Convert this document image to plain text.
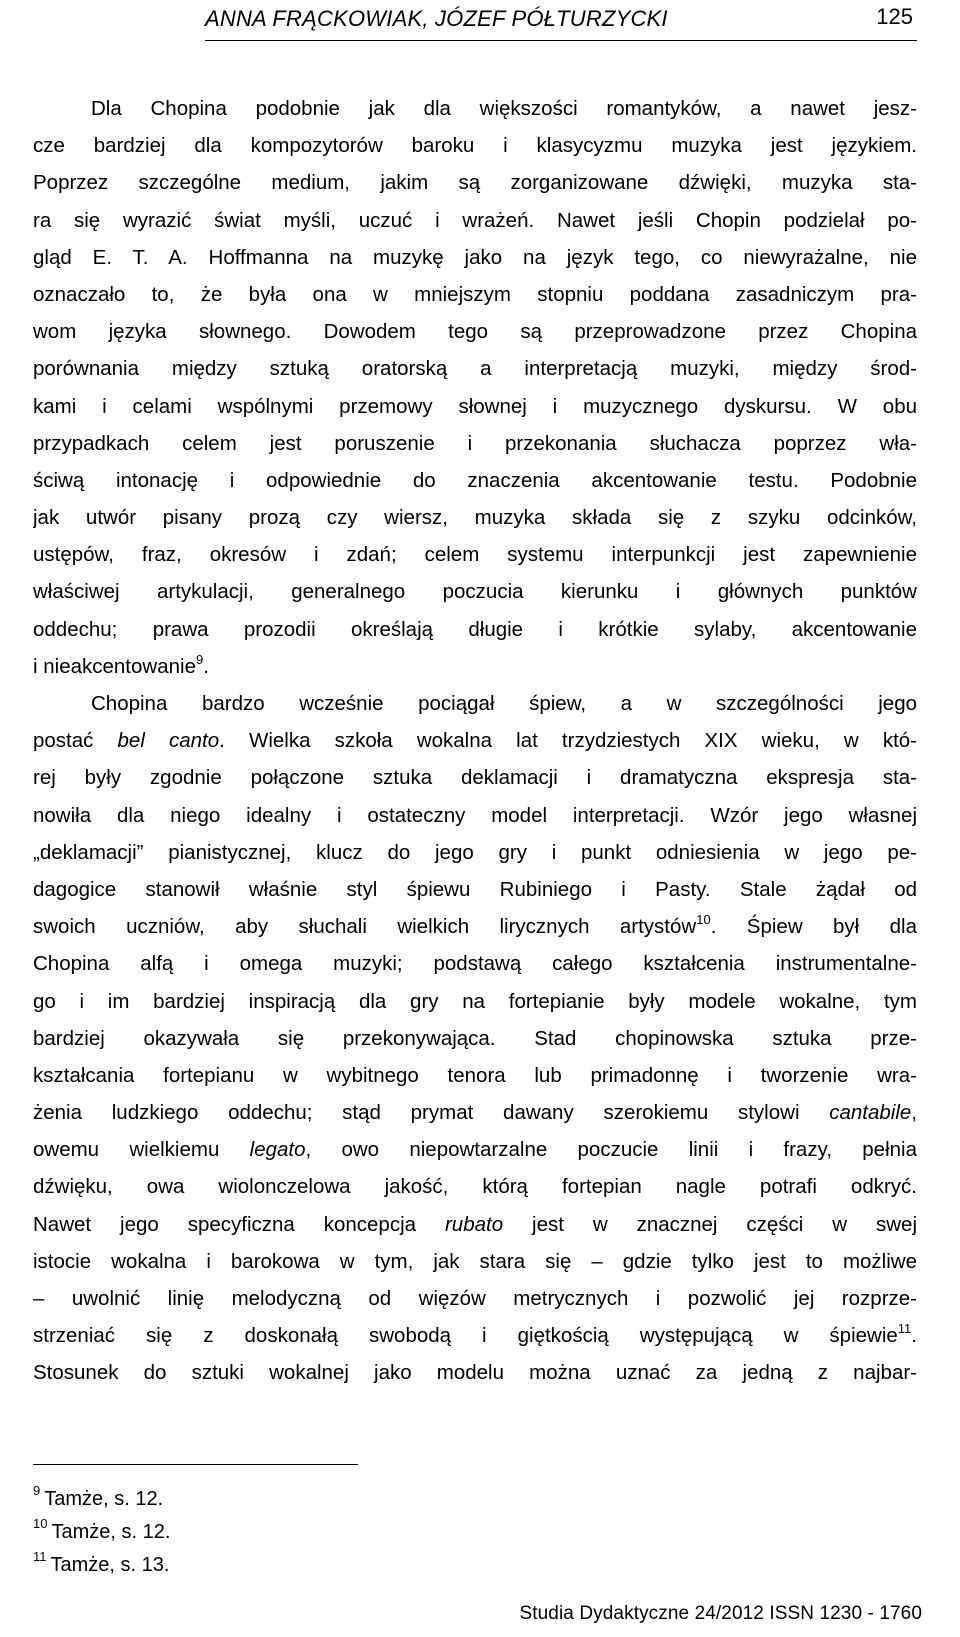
ANNA FRĄCKOWIAK, JÓZEF PÓŁTURZYCKI	125
Dla Chopina podobnie jak dla większości romantyków, a nawet jesz-
cze bardziej dla kompozytorów baroku i klasycyzmu muzyka jest językiem.
Poprzez szczególne medium, jakim są zorganizowane dźwięki, muzyka sta-
ra się wyrazić świat myśli, uczuć i wrażeń. Nawet jeśli Chopin podzielał po-
gląd E. T. A. Hoffmanna na muzykę jako na język tego, co niewyrażalne, nie
oznaczało to, że była ona w mniejszym stopniu poddana zasadniczym pra-
wom języka słownego. Dowodem tego są przeprowadzone przez Chopina
porównania między sztuką oratorską a interpretacją muzyki, między środ-
kami i celami wspólnymi przemowy słownej i muzycznego dyskursu. W obu
przypadkach celem jest poruszenie i przekonania słuchacza poprzez wła-
ściwą intonację i odpowiednie do znaczenia akcentowanie testu. Podobnie
jak utwór pisany prozą czy wiersz, muzyka składa się z szyku odcinków,
ustępów, fraz, okresów i zdań; celem systemu interpunkcji jest zapewnienie
właściwej artykulacji, generalnego poczucia kierunku i głównych punktów
oddechu; prawa prozodii określają długie i krótkie sylaby, akcentowanie
i nieakcentowanie$^9$.
Chopina bardzo wcześnie pociągał śpiew, a w szczególności jego
postać bel canto. Wielka szkoła wokalna lat trzydziestych XIX wieku, w któ-
rej były zgodnie połączone sztuka deklamacji i dramatyczna ekspresja sta-
nowiła dla niego idealny i ostateczny model interpretacji. Wzór jego własnej
„deklamacji” pianistycznej, klucz do jego gry i punkt odniesienia w jego pe-
dagogice stanowił właśnie styl śpiewu Rubiniego i Pasty. Stale żądał od
swoich uczniów, aby słuchali wielkich lirycznych artystów$^{10}$. Śpiew był dla
Chopina alfą i omega muzyki; podstawą całego kształcenia instrumentalne-
go i im bardziej inspiracją dla gry na fortepianie były modele wokalne, tym
bardziej okazywała się przekonywająca. Stad chopinowska sztuka prze-
kształcania fortepianu w wybitnego tenora lub primadonnę i tworzenie wra-
żenia ludzkiego oddechu; stąd prymat dawany szerokiemu stylowi cantabile,
owemu wielkiemu legato, owo niepowtarzalne poczucie linii i frazy, pełnia
dźwięku, owa wiolonczelowa jakość, którą fortepian nagle potrafi odkryć.
Nawet jego specyficzna koncepcja rubato jest w znacznej części w swej
istocie wokalna i barokowa w tym, jak stara się – gdzie tylko jest to możliwe
– uwolnić linię melodyczną od więzów metrycznych i pozwolić jej rozprze-
strzeniać się z doskonałą swobodą i giętkością występującą w śpiewie$^{11}$.
Stosunek do sztuki wokalnej jako modelu można uznać za jedną z najbar-
$^9$ Tamże, s. 12.
$^{10}$ Tamże, s. 12.
$^{11}$ Tamże, s. 13.
Studia Dydaktyczne 24/2012 ISSN 1230 - 1760
